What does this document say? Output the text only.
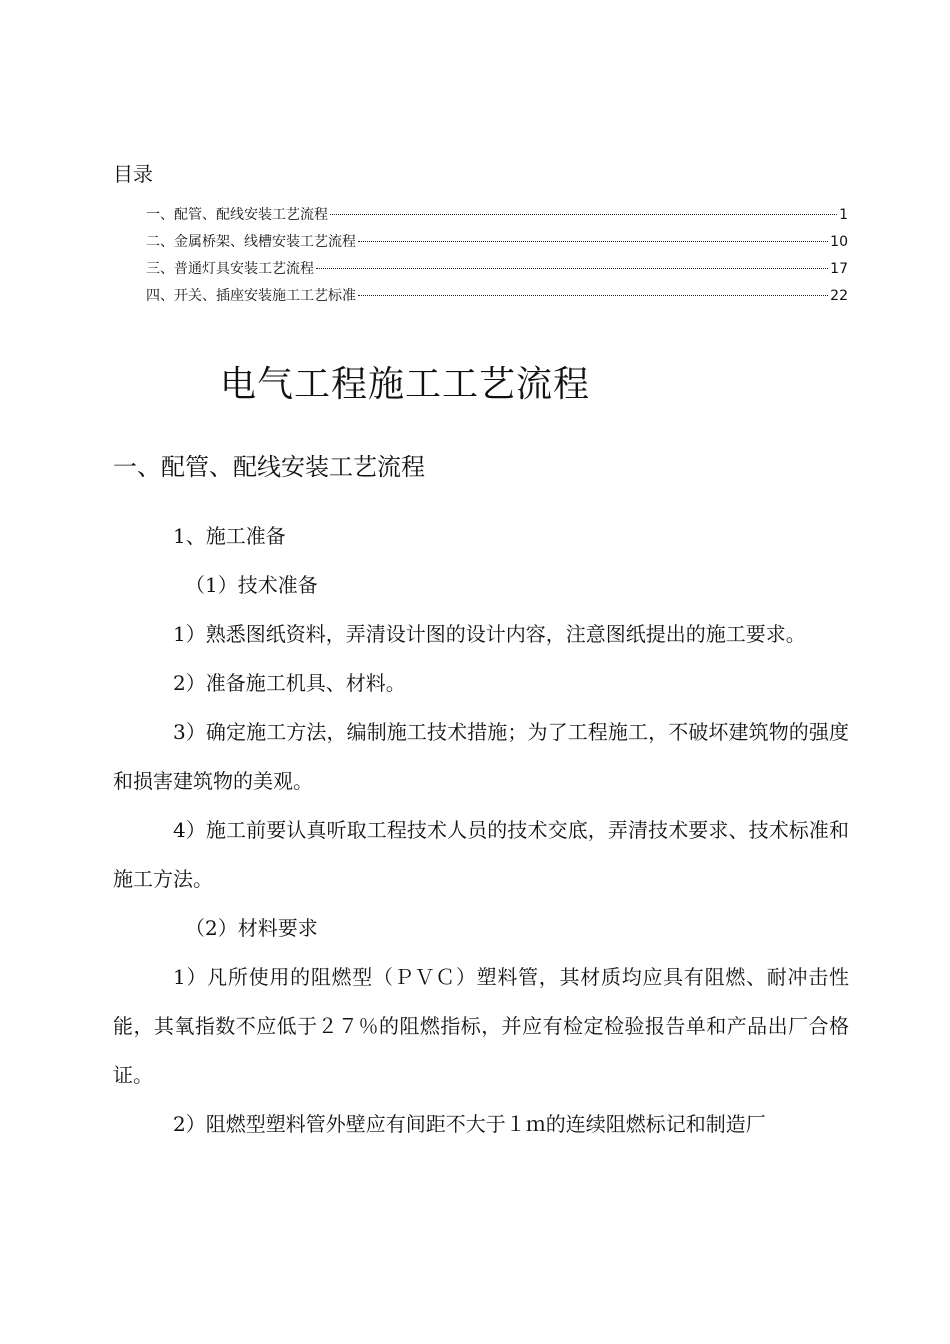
目录
一、配管、配线安装工艺流程	1
二、金属桥架、线槽安装工艺流程	10
三、普通灯具安装工艺流程	17
四、开关、插座安装施工工艺标准	22
电气工程施工工艺流程
一、配管、配线安装工艺流程

1、施工准备

（1）技术准备

1）熟悉图纸资料，弄清设计图的设计内容，注意图纸提出的施工要求。

2）准备施工机具、材料。

3）确定施工方法，编制施工技术措施；为了工程施工，不破坏建筑物的强度和损害建筑物的美观。

4）施工前要认真听取工程技术人员的技术交底，弄清技术要求、技术标准和施工方法。

（2）材料要求

1）凡所使用的阻燃型（ＰＶＣ）塑料管，其材质均应具有阻燃、耐冲击性能，其氧指数不应低于２７％的阻燃指标，并应有检定检验报告单和产品出厂合格证。

2）阻燃型塑料管外壁应有间距不大于１ｍ的连续阻燃标记和制造厂
